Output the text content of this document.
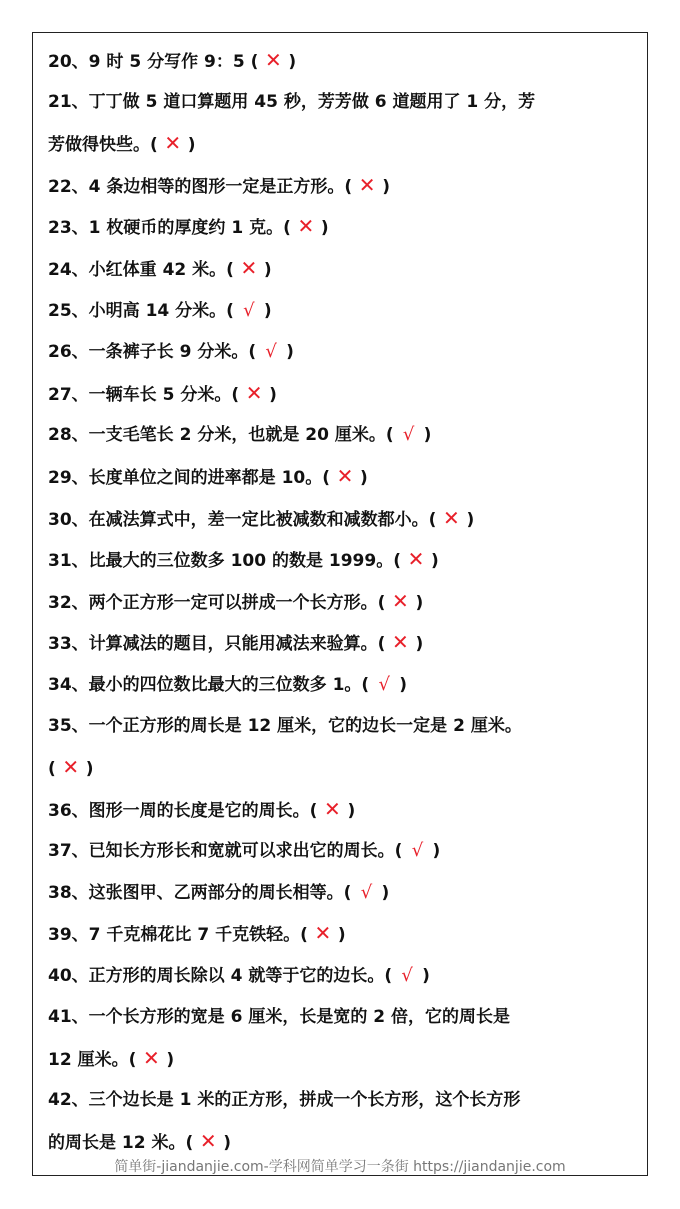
20、9 时 5 分写作 9：5 ( ✕ )
21、丁丁做 5 道口算题用 45 秒，芳芳做 6 道题用了 1 分，芳
芳做得快些。( ✕ )
22、4 条边相等的图形一定是正方形。( ✕ )
23、1 枚硬币的厚度约 1 克。( ✕ )
24、小红体重 42 米。( ✕ )
25、小明高 14 分米。( √ )
26、一条裤子长 9 分米。( √ )
27、一辆车长 5 分米。( ✕ )
28、一支毛笔长 2 分米，也就是 20 厘米。( √ )
29、长度单位之间的进率都是 10。( ✕ )
30、在减法算式中，差一定比被减数和减数都小。( ✕ )
31、比最大的三位数多 100 的数是 1999。( ✕ )
32、两个正方形一定可以拼成一个长方形。( ✕ )
33、计算减法的题目，只能用减法来验算。( ✕ )
34、最小的四位数比最大的三位数多 1。( √ )
35、一个正方形的周长是 12 厘米，它的边长一定是 2 厘米。
( ✕ )
36、图形一周的长度是它的周长。( ✕ )
37、已知长方形长和宽就可以求出它的周长。( √ )
38、这张图甲、乙两部分的周长相等。( √ )
39、7 千克棉花比 7 千克铁轻。( ✕ )
40、正方形的周长除以 4 就等于它的边长。( √ )
41、一个长方形的宽是 6 厘米，长是宽的 2 倍，它的周长是
12 厘米。( ✕ )
42、三个边长是 1 米的正方形，拼成一个长方形，这个长方形
的周长是 12 米。( ✕ )
简单街-jiandanjie.com-学科网简单学习一条街 https://jiandanjie.com
